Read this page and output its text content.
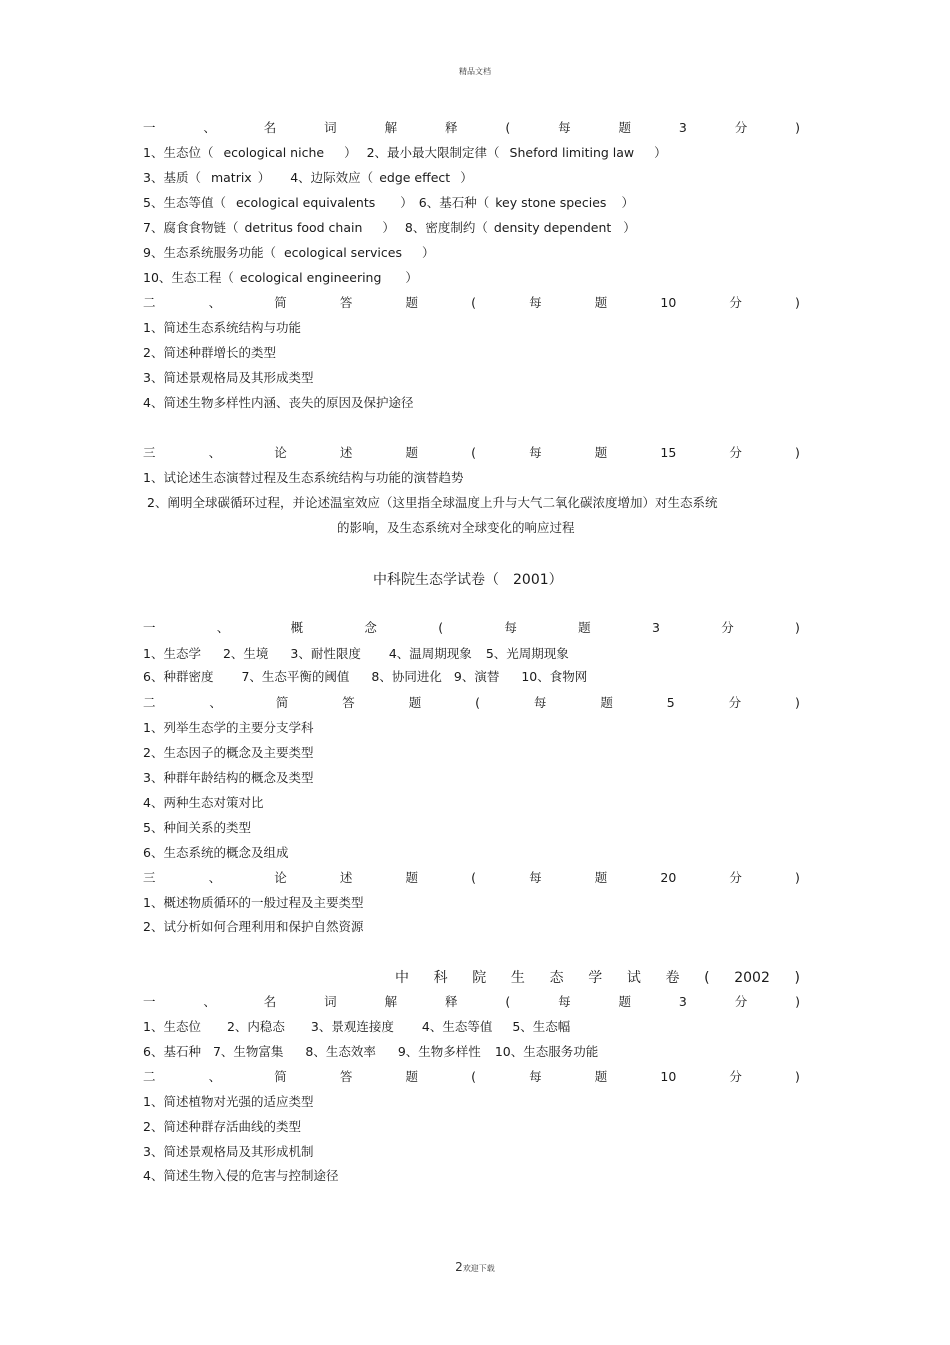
精品文档
一	、	名	词	解	释	(	每	题	3	分	)
1、生态位（ ecological niche ） 2、最小最大限制定律（ Sheford limiting law ）
3、基质（ matrix ） 4、边际效应（ edge effect ）
5、生态等值（ ecological equivalents ） 6、基石种（ key stone species ）
7、腐食食物链（ detritus food chain ） 8、密度制约（ density dependent ）
9、生态系统服务功能（ ecological services ）
10、生态工程（ ecological engineering ）
二	、	简	答	题	(	每	题	10	分	)
1、简述生态系统结构与功能
2、简述种群增长的类型
3、简述景观格局及其形成类型
4、简述生物多样性内涵、丧失的原因及保护途径
三	、	论	述	题	(	每	题	15	分	)
1、试论述生态演替过程及生态系统结构与功能的演替趋势
2、阐明全球碳循环过程，并论述温室效应（这里指全球温度上升与大气二氧化碳浓度增加）对生态系统
的影响，及生态系统对全球变化的响应过程
中科院生态学试卷（　2001）
一	、	概	念	(	每	题	3	分	)
1、生态学 2、生境 3、耐性限度 4、温周期现象 5、光周期现象
6、种群密度 7、生态平衡的阈值 8、协同进化 9、演替 10、食物网
二	、	简	答	题	(	每	题	5	分	)
1、列举生态学的主要分支学科
2、生态因子的概念及主要类型
3、种群年龄结构的概念及类型
4、两种生态对策对比
5、种间关系的类型
6、生态系统的概念及组成
三	、	论	述	题	(	每	题	20	分	)
1、概述物质循环的一般过程及主要类型
2、试分析如何合理利用和保护自然资源
中 科 院 生 态 学 试 卷 ( 2002 )
一	、	名	词	解	释	(	每	题	3	分	)
1、生态位 2、内稳态 3、景观连接度 4、生态等值 5、生态幅
6、基石种 7、生物富集 8、生态效率 9、生物多样性 10、生态服务功能
二	、	简	答	题	(	每	题	10	分	)
1、简述植物对光强的适应类型
2、简述种群存活曲线的类型
3、简述景观格局及其形成机制
4、简述生物入侵的危害与控制途径
2欢迎下载
